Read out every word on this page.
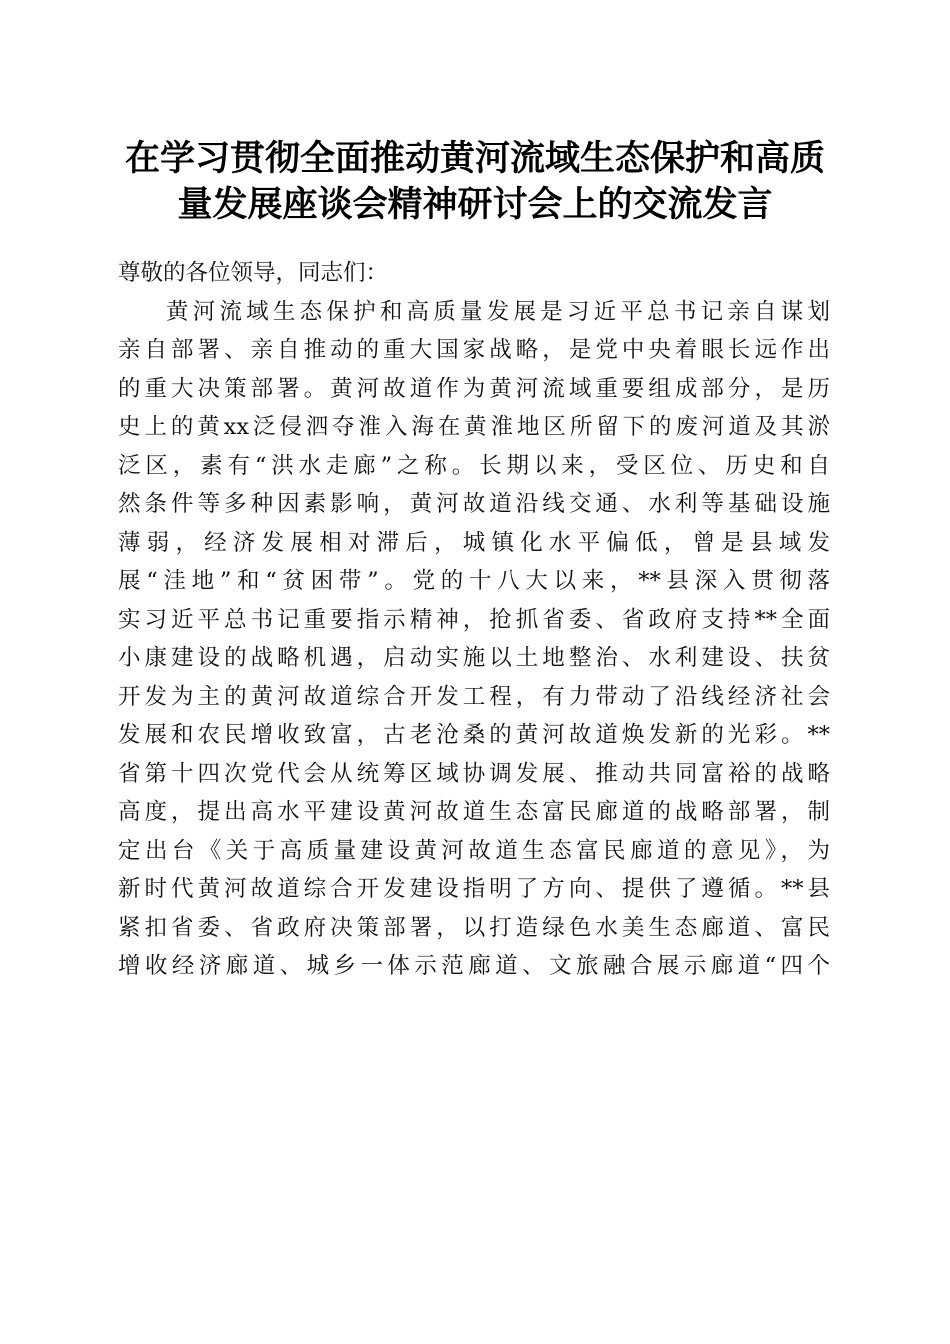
在学习贯彻全面推动黄河流域生态保护和高质
量发展座谈会精神研讨会上的交流发言
尊敬的各位领导，同志们：
黄河流域生态保护和高质量发展是习近平总书记亲自谋划
亲自部署、亲自推动的重大国家战略，是党中央着眼长远作出
的重大决策部署。黄河故道作为黄河流域重要组成部分，是历
史上的黄xx泛侵泗夺淮入海在黄淮地区所留下的废河道及其淤
泛区，素有“洪水走廊”之称。长期以来，受区位、历史和自
然条件等多种因素影响，黄河故道沿线交通、水利等基础设施
薄弱，经济发展相对滞后，城镇化水平偏低，曾是县域发
展“洼地”和“贫困带”。党的十八大以来，**县深入贯彻落
实习近平总书记重要指示精神，抢抓省委、省政府支持**全面
小康建设的战略机遇，启动实施以土地整治、水利建设、扶贫
开发为主的黄河故道综合开发工程，有力带动了沿线经济社会
发展和农民增收致富，古老沧桑的黄河故道焕发新的光彩。**
省第十四次党代会从统筹区域协调发展、推动共同富裕的战略
高度，提出高水平建设黄河故道生态富民廊道的战略部署，制
定出台《关于高质量建设黄河故道生态富民廊道的意见》，为
新时代黄河故道综合开发建设指明了方向、提供了遵循。**县
紧扣省委、省政府决策部署，以打造绿色水美生态廊道、富民
增收经济廊道、城乡一体示范廊道、文旅融合展示廊道“四个
